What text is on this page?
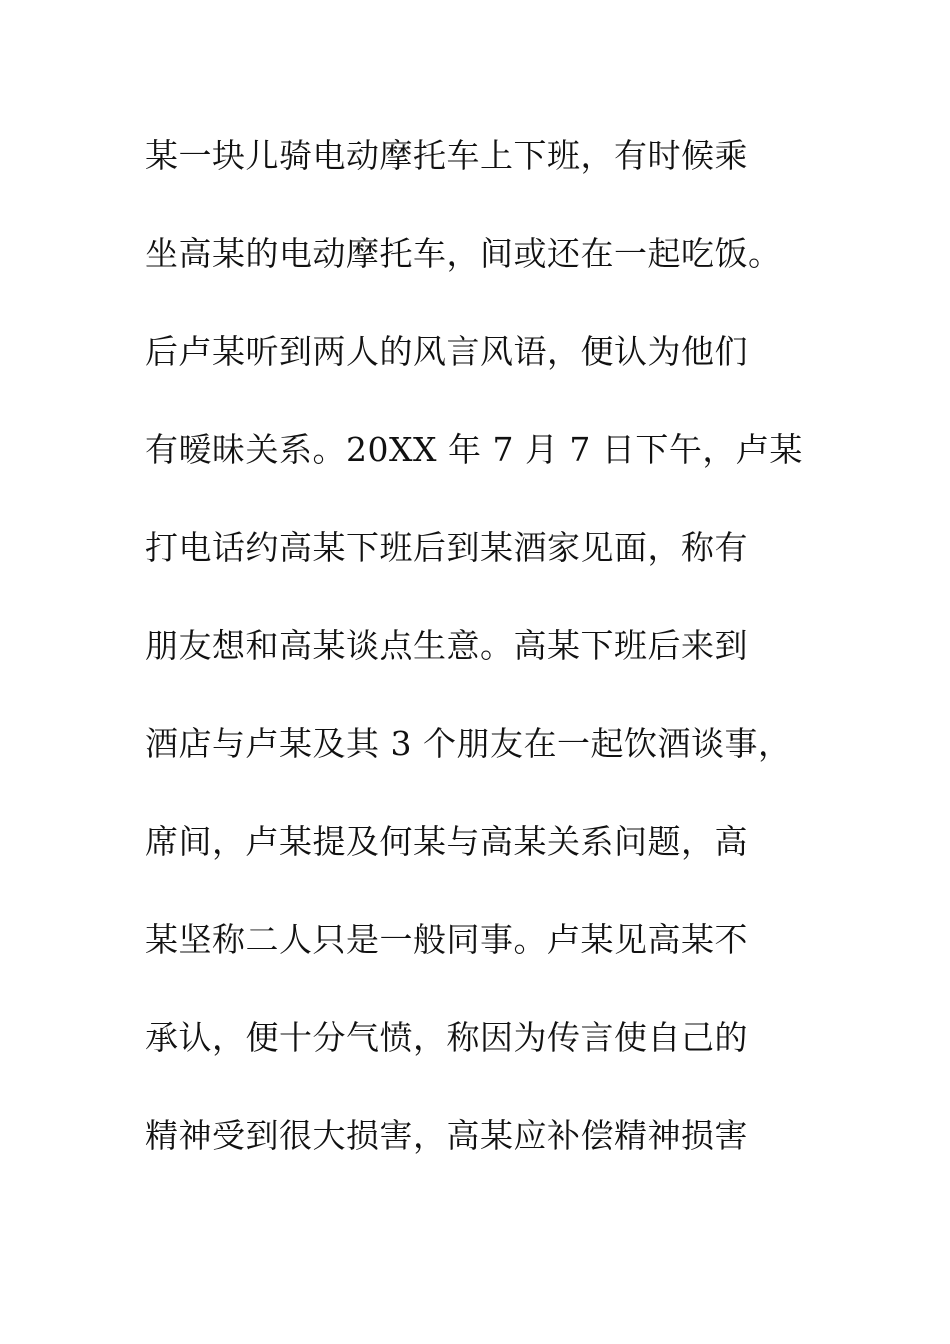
某一块儿骑电动摩托车上下班，有时候乘
坐高某的电动摩托车，间或还在一起吃饭。
后卢某听到两人的风言风语，便认为他们
有暧昧关系。20XX 年 7 月 7 日下午，卢某
打电话约高某下班后到某酒家见面，称有
朋友想和高某谈点生意。高某下班后来到
酒店与卢某及其 3 个朋友在一起饮酒谈事，
席间，卢某提及何某与高某关系问题，高
某坚称二人只是一般同事。卢某见高某不
承认，便十分气愤，称因为传言使自己的
精神受到很大损害，高某应补偿精神损害
